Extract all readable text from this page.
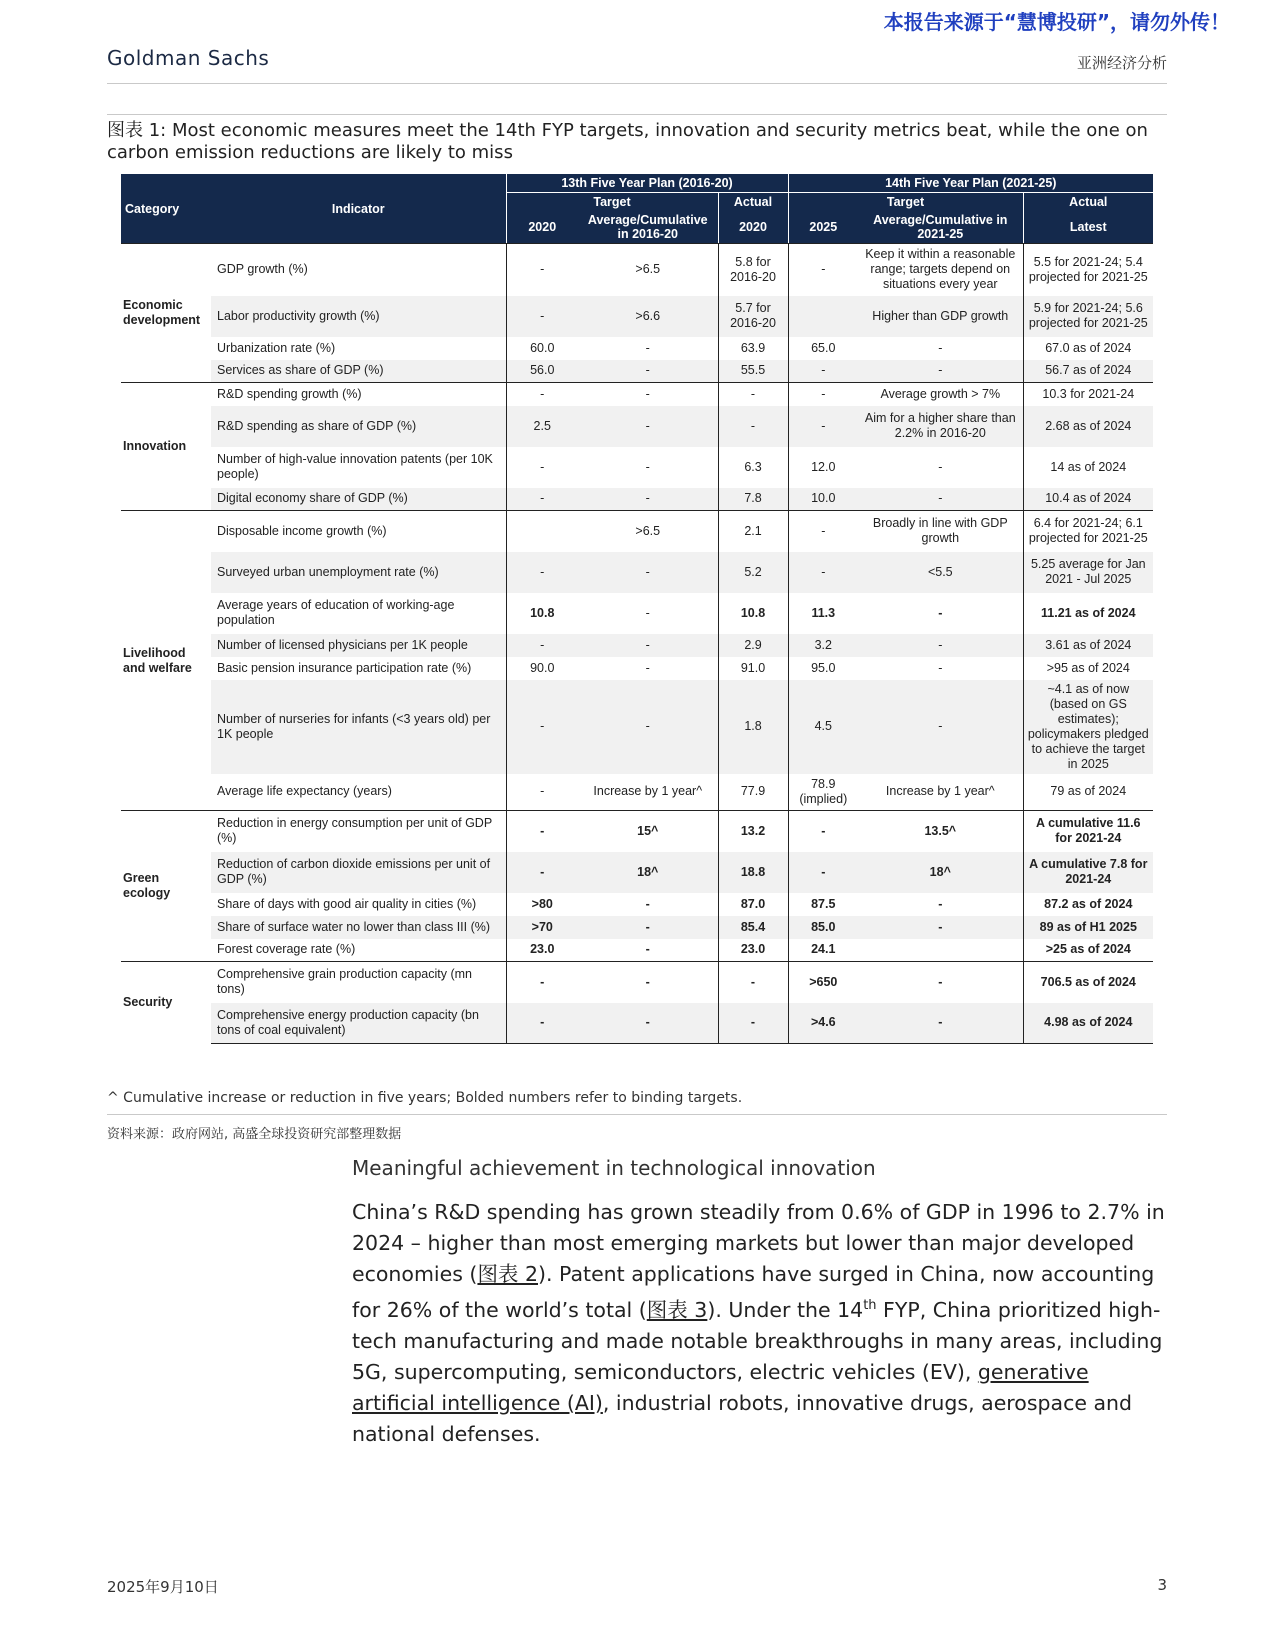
本报告来源于“慧博投研”，请勿外传！
Goldman Sachs	亚洲经济分析
图表 1: Most economic measures meet the 14th FYP targets, innovation and security metrics beat, while the one on carbon emission reductions are likely to miss
Category	Indicator	13th Five Year Plan (2016-20)			14th Five Year Plan (2021-25)		
		Target		Actual	Target		Actual
		2020	Average/Cumulative in 2016-20	2020	2025	Average/Cumulative in 2021-25	Latest
Economic development	GDP growth (%)	-	>6.5	5.8 for 2016-20	-	Keep it within a reasonable range; targets depend on situations every year	5.5 for 2021-24; 5.4 projected for 2021-25
	Labor productivity growth (%)	-	>6.6	5.7 for 2016-20		Higher than GDP growth	5.9 for 2021-24; 5.6 projected for 2021-25
	Urbanization rate (%)	60.0	-	63.9	65.0	-	67.0 as of 2024
	Services as share of GDP (%)	56.0	-	55.5	-	-	56.7 as of 2024
Innovation	R&D spending growth (%)	-	-	-	-	Average growth > 7%	10.3 for 2021-24
	R&D spending as share of GDP (%)	2.5	-	-	-	Aim for a higher share than 2.2% in 2016-20	2.68 as of 2024
	Number of high-value innovation patents (per 10K people)	-	-	6.3	12.0	-	14 as of 2024
	Digital economy share of GDP (%)	-	-	7.8	10.0	-	10.4 as of 2024
Livelihood and welfare	Disposable income growth (%)		>6.5	2.1	-	Broadly in line with GDP growth	6.4 for 2021-24; 6.1 projected for 2021-25
	Surveyed urban unemployment rate (%)	-	-	5.2	-	<5.5	5.25 average for Jan 2021 - Jul 2025
	Average years of education of working-age population	10.8	-	10.8	11.3	-	11.21 as of 2024
	Number of licensed physicians per 1K people	-	-	2.9	3.2	-	3.61 as of 2024
	Basic pension insurance participation rate (%)	90.0	-	91.0	95.0	-	>95 as of 2024
	Number of nurseries for infants (<3 years old) per 1K people	-	-	1.8	4.5	-	~4.1 as of now (based on GS estimates); policymakers pledged to achieve the target in 2025
	Average life expectancy (years)	-	Increase by 1 year^	77.9	78.9 (implied)	Increase by 1 year^	79 as of 2024
Green ecology	Reduction in energy consumption per unit of GDP (%)	-	15^	13.2	-	13.5^	A cumulative 11.6 for 2021-24
	Reduction of carbon dioxide emissions per unit of GDP (%)	-	18^	18.8	-	18^	A cumulative 7.8 for 2021-24
	Share of days with good air quality in cities (%)	>80	-	87.0	87.5	-	87.2 as of 2024
	Share of surface water no lower than class III (%)	>70	-	85.4	85.0	-	89 as of H1 2025
	Forest coverage rate (%)	23.0	-	23.0	24.1		>25 as of 2024
Security	Comprehensive grain production capacity (mn tons)	-	-	-	>650	-	706.5 as of 2024
	Comprehensive energy production capacity (bn tons of coal equivalent)	-	-	-	>4.6	-	4.98 as of 2024
^ Cumulative increase or reduction in five years; Bolded numbers refer to binding targets.
资料来源：政府网站, 高盛全球投资研究部整理数据
Meaningful achievement in technological innovation
China’s R&D spending has grown steadily from 0.6% of GDP in 1996 to 2.7% in 2024 – higher than most emerging markets but lower than major developed economies (图表 2). Patent applications have surged in China, now accounting for 26% of the world’s total (图表 3). Under the 14th FYP, China prioritized high-tech manufacturing and made notable breakthroughs in many areas, including 5G, supercomputing, semiconductors, electric vehicles (EV), generative artificial intelligence (AI), industrial robots, innovative drugs, aerospace and national defenses.
2025年9月10日	3
